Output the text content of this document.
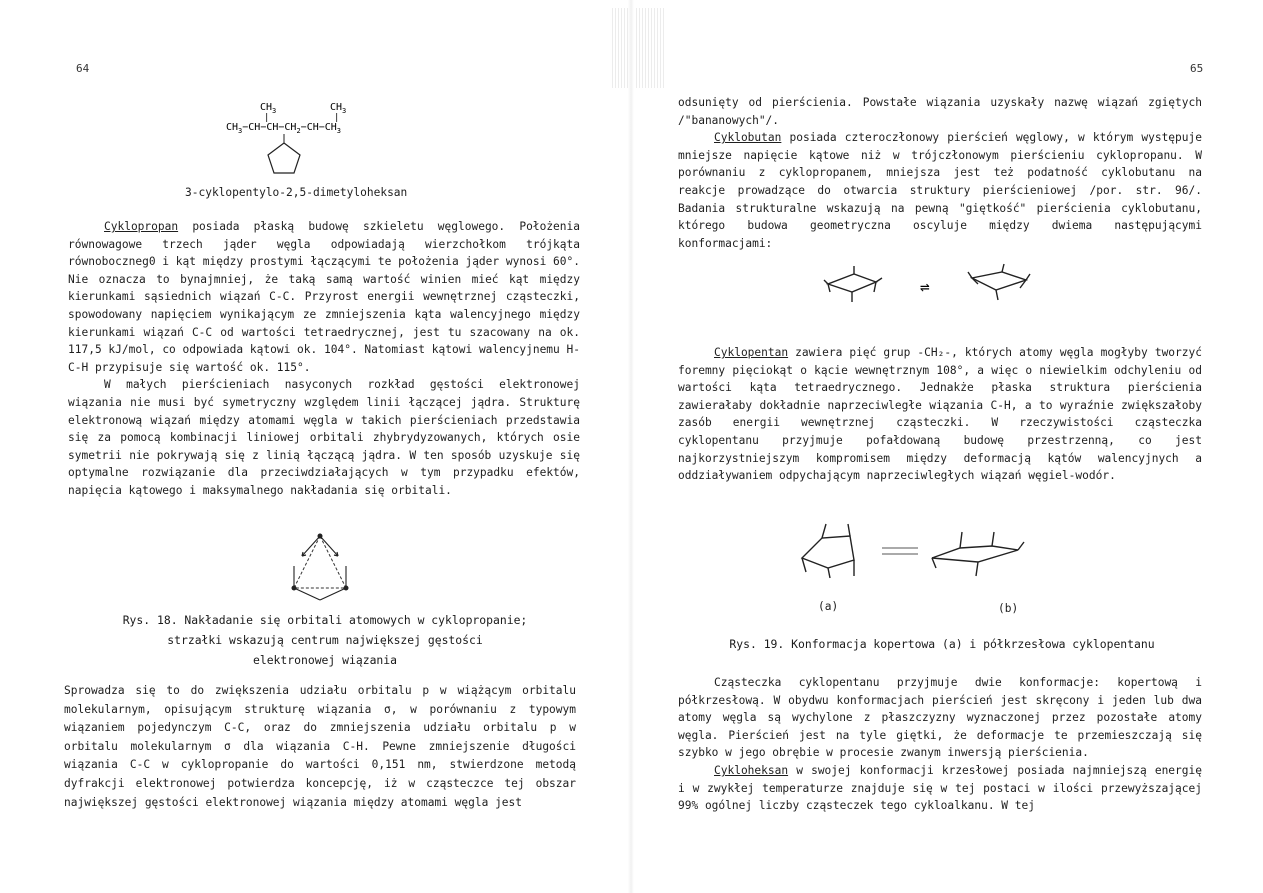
64
$CH_3$	$CH_3$
|	|
$CH_3-CH-CH-CH_2-CH-CH_3$
3-cyklopentylo-2,5-dimetyloheksan

Cyklopropan posiada płaską budowę szkieletu węglowego. Położenia równowagowe trzech jąder węgla odpowiadają wierzchołkom trójkąta równoboczneg0 i kąt między prostymi łączącymi te położenia jąder wynosi 60°. Nie oznacza to bynajmniej, że taką samą wartość winien mieć kąt między kierunkami sąsiednich wiązań C-C. Przyrost energii wewnętrznej cząsteczki, spowodowany napięciem wynikającym ze zmniejszenia kąta walencyjnego między kierunkami wiązań C-C od wartości tetraedrycznej, jest tu szacowany na ok. 117,5 kJ/mol, co odpowiada kątowi ok. 104°. Natomiast kątowi walencyjnemu H-C-H przypisuje się wartość ok. 115°.

W małych pierścieniach nasyconych rozkład gęstości elektronowej wiązania nie musi być symetryczny względem linii łączącej jądra. Strukturę elektronową wiązań między atomami węgla w takich pierścieniach przedstawia się za pomocą kombinacji liniowej orbitali zhybrydyzowanych, których osie symetrii nie pokrywają się z linią łączącą jądra. W ten sposób uzyskuje się optymalne rozwiązanie dla przeciwdziałających w tym przypadku efektów, napięcia kątowego i maksymalnego nakładania się orbitali.

Rys. 18. Nakładanie się orbitali atomowych w cyklopropanie;
strzałki wskazują centrum największej gęstości
elektronowej wiązania
Sprowadza się to do zwiększenia udziału orbitalu p w wiążącym orbitalu molekularnym, opisującym strukturę wiązania σ, w porównaniu z typowym wiązaniem pojedynczym C-C, oraz do zmniejszenia udziału orbitalu p w orbitalu molekularnym σ dla wiązania C-H. Pewne zmniejszenie długości wiązania C-C w cyklopropanie do wartości 0,151 nm, stwierdzone metodą dyfrakcji elektronowej potwierdza koncepcję, iż w cząsteczce tej obszar największej gęstości elektronowej wiązania między atomami węgla jest
65

odsunięty od pierścienia. Powstałe wiązania uzyskały nazwę wiązań zgiętych /"bananowych"/.

Cyklobutan posiada czteroczłonowy pierścień węglowy, w którym występuje mniejsze napięcie kątowe niż w trójczłonowym pierścieniu cyklopropanu. W porównaniu z cyklopropanem, mniejsza jest też podatność cyklobutanu na reakcje prowadzące do otwarcia struktury pierścieniowej /por. str. 96/. Badania strukturalne wskazują na pewną "giętkość" pierścienia cyklobutanu, którego budowa geometryczna oscyluje między dwiema następującymi konformacjami:

⇌

Cyklopentan zawiera pięć grup -CH₂-, których atomy węgla mogłyby tworzyć foremny pięciokąt o kącie wewnętrznym 108°, a więc o niewielkim odchyleniu od wartości kąta tetraedrycznego. Jednakże płaska struktura pierścienia zawierałaby dokładnie naprzeciwległe wiązania C-H, a to wyraźnie zwiększałoby zasób energii wewnętrznej cząsteczki. W rzeczywistości cząsteczka cyklopentanu przyjmuje pofałdowaną budowę przestrzenną, co jest najkorzystniejszym kompromisem między deformacją kątów walencyjnych a oddziaływaniem odpychającym naprzeciwległych wiązań węgiel-wodór.

(a)	(b)
Rys. 19. Konformacja kopertowa (a) i półkrzesłowa cyklopentanu

Cząsteczka cyklopentanu przyjmuje dwie konformacje: kopertową i półkrzesłową. W obydwu konformacjach pierścień jest skręcony i jeden lub dwa atomy węgla są wychylone z płaszczyzny wyznaczonej przez pozostałe atomy węgla. Pierścień jest na tyle giętki, że deformacje te przemieszczają się szybko w jego obrębie w procesie zwanym inwersją pierścienia.

Cykloheksan w swojej konformacji krzesłowej posiada najmniejszą energię i w zwykłej temperaturze znajduje się w tej postaci w ilości przewyższającej 99% ogólnej liczby cząsteczek tego cykloalkanu. W tej
